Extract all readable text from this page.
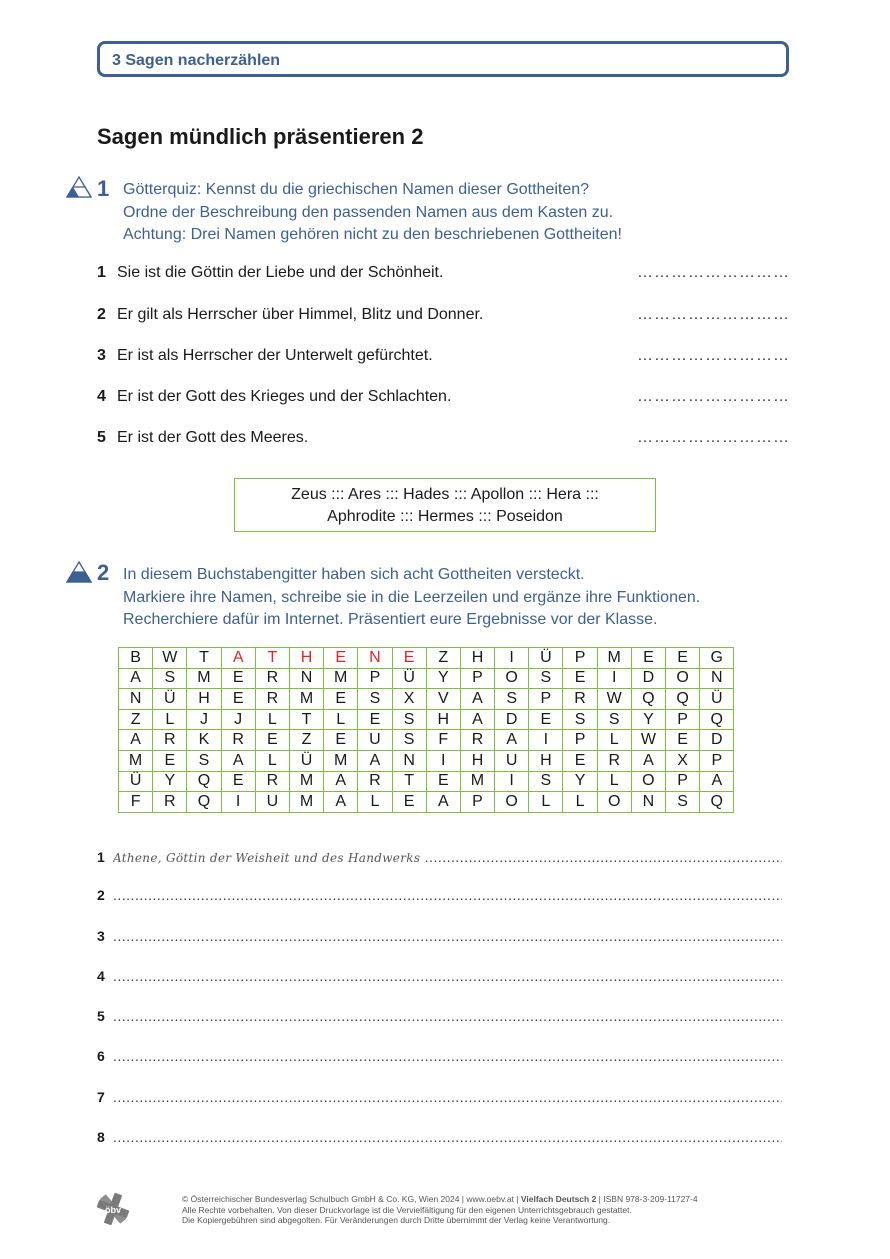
3 Sagen nacherzählen
Sagen mündlich präsentieren 2
1 Götterquiz: Kennst du die griechischen Namen dieser Gottheiten?
Ordne der Beschreibung den passenden Namen aus dem Kasten zu.
Achtung: Drei Namen gehören nicht zu den beschriebenen Gottheiten!
1 Sie ist die Göttin der Liebe und der Schönheit.	………………………
2 Er gilt als Herrscher über Himmel, Blitz und Donner.	………………………
3 Er ist als Herrscher der Unterwelt gefürchtet.	………………………
4 Er ist der Gott des Krieges und der Schlachten.	………………………
5 Er ist der Gott des Meeres.	………………………
Zeus ::: Ares ::: Hades ::: Apollon ::: Hera :::
Aphrodite ::: Hermes ::: Poseidon
2 In diesem Buchstabengitter haben sich acht Gottheiten versteckt.
Markiere ihre Namen, schreibe sie in die Leerzeilen und ergänze ihre Funktionen.
Recherchiere dafür im Internet. Präsentiert eure Ergebnisse vor der Klasse.
B	W	T	A	T	H	E	N	E	Z	H	I	Ü	P	M	E	E	G
A	S	M	E	R	N	M	P	Ü	Y	P	O	S	E	I	D	O	N
N	Ü	H	E	R	M	E	S	X	V	A	S	P	R	W	Q	Q	Ü
Z	L	J	J	L	T	L	E	S	H	A	D	E	S	S	Y	P	Q
A	R	K	R	E	Z	E	U	S	F	R	A	I	P	L	W	E	D
M	E	S	A	L	Ü	M	A	N	I	H	U	H	E	R	A	X	P
Ü	Y	Q	E	R	M	A	R	T	E	M	I	S	Y	L	O	P	A
F	R	Q	I	U	M	A	L	E	A	P	O	L	L	O	N	S	Q
1 Athene, Göttin der Weisheit und des Handwerks .....
2
.....
3
.....
4
.....
5
.....
6
.....
7
.....
8
.....
öbv
© Österreichischer Bundesverlag Schulbuch GmbH & Co. KG, Wien 2024 | www.oebv.at | Vielfach Deutsch 2 | ISBN 978-3-209-11727-4
Alle Rechte vorbehalten. Von dieser Druckvorlage ist die Vervielfältigung für den eigenen Unterrichtsgebrauch gestattet.
Die Kopiergebühren sind abgegolten. Für Veränderungen durch Dritte übernimmt der Verlag keine Verantwortung.
